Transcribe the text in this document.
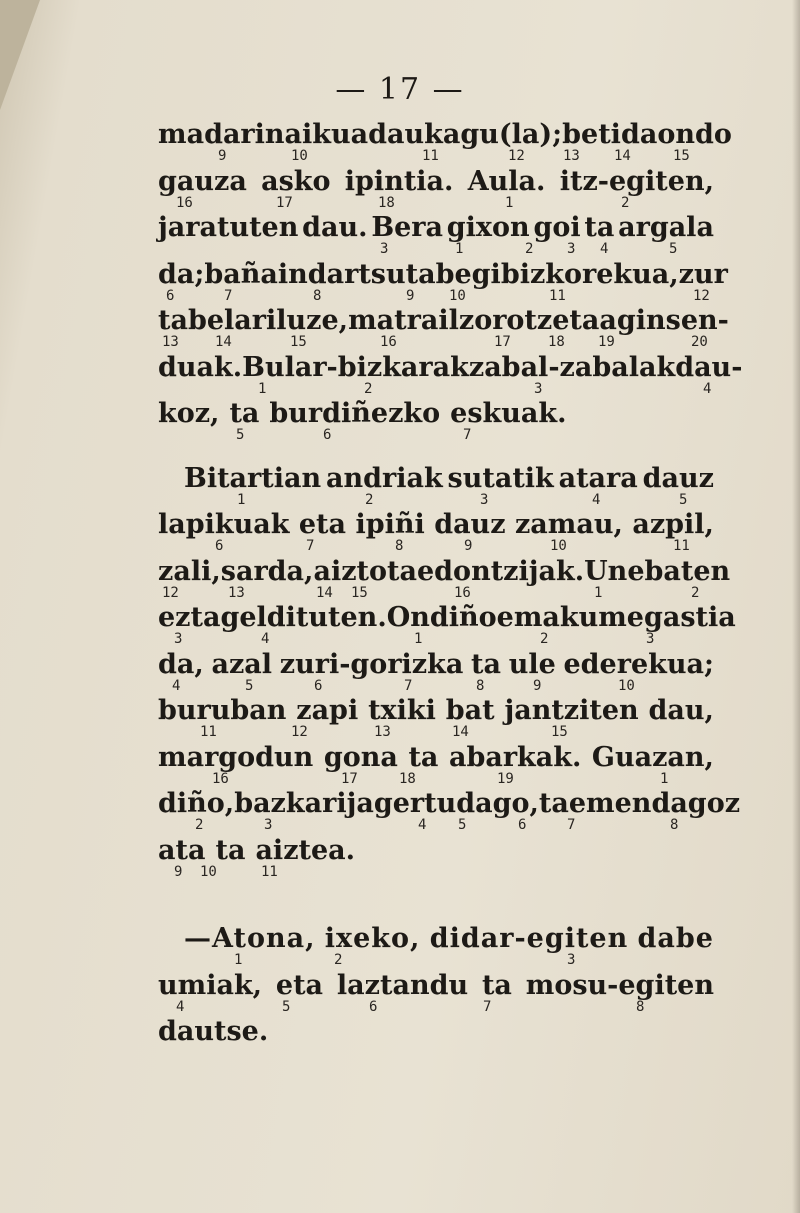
— 17 —
madari naikua daukagu (la); beti da ondo
9	10	11	12	13 14	15
gauza asko ipintia. Aula. itz-egiten,
16	17	18	1	2
jaratuten dau. Bera gixon goi ta argala
3	1	2 3 4	5
da; baña indartsu ta begi bizkorekua, zur
6	7	8	9 10	11	12
ta belari luze, matrail zorotz eta agin sen-
13	14	15	16	17	18 19	20
duak. Bular-bizkarak zabal-zabalak dau-
1	2	3	4
koz, ta burdiñezko eskuak.
5	6	7
Bitartian andriak sutatik atara dauz
1	2	3	4	5
lapikuak eta ipiñi dauz zamau, azpil,
6	7	8	9	10	11
zali, sarda, aizto ta edontzijak. Une baten
12	13	14 15	16	1	2
ezta geldituten. Ondiño emakume gastia
3	4	1	2	3
da, azal zuri-gorizka ta ule ederekua;
4	5	6	7	8	9	10
buruban zapi txiki bat jantziten dau,
11	12	13	14	15
margodun gona ta abarkak. Guazan,
16	17	18	19	1
diño, bazkarija gertu dago, ta emen dagoz
2	3	4 5	6	7	8
ata ta aiztea.
9 10	11
—Atona, ixeko, didar-egiten dabe
1	2	3
umiak, eta laztandu ta mosu-egiten
4	5	6	7	8
dautse.
